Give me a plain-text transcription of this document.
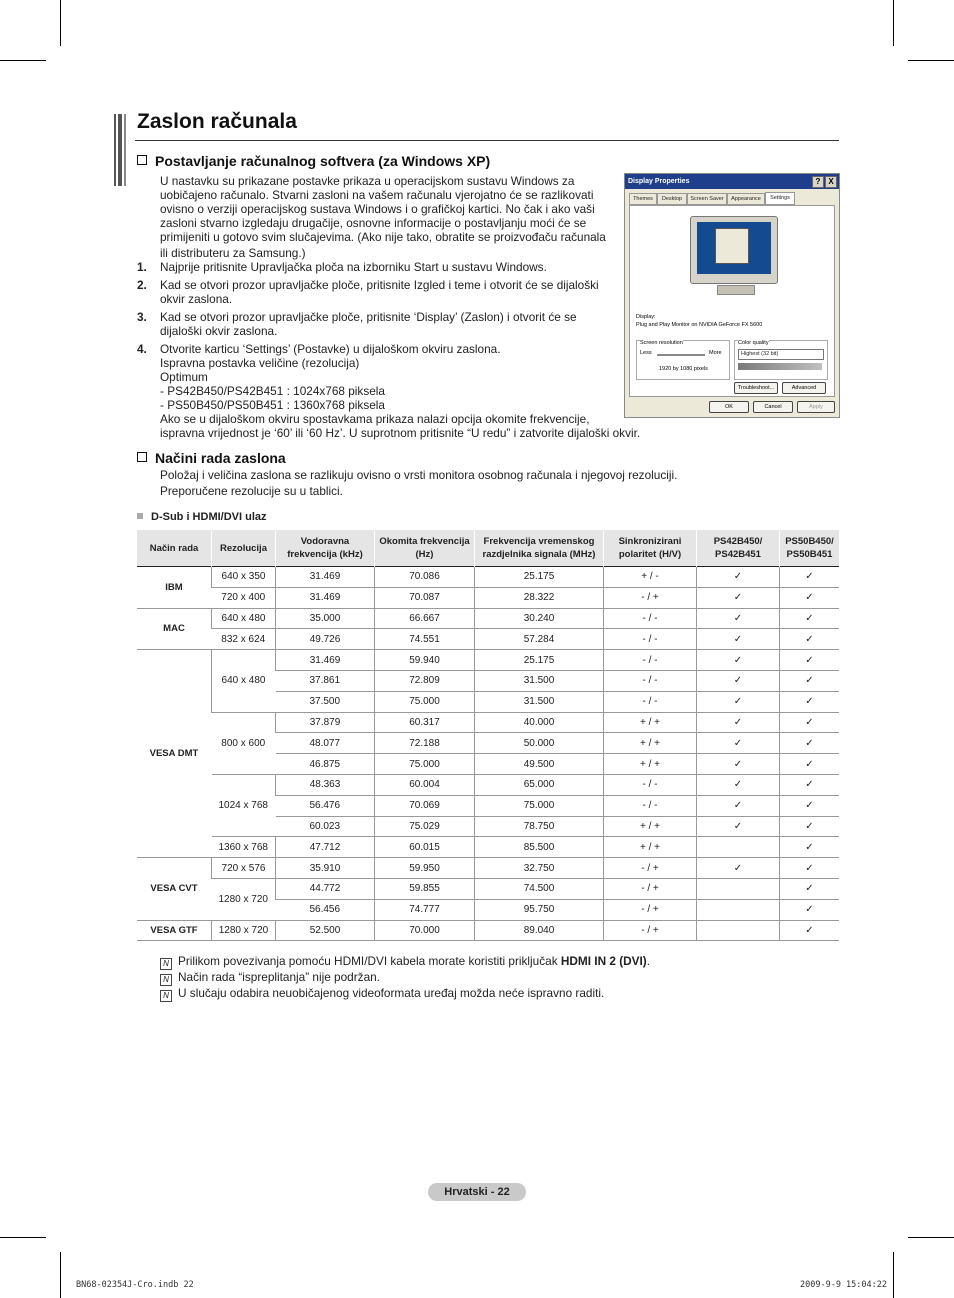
Zaslon računala
Postavljanje računalnog softvera (za Windows XP)
U nastavku su prikazane postavke prikaza u operacijskom sustavu Windows za
uobičajeno računalo. Stvarni zasloni na vašem računalu vjerojatno će se razlikovati
ovisno o verziji operacijskog sustava Windows i o grafičkoj kartici. No čak i ako vaši
zasloni stvarno izgledaju drugačije, osnovne informacije o postavljanju moći će se
primijeniti u gotovo svim slučajevima. (Ako nije tako, obratite se proizvođaču računala
ili distributeru za Samsung.)
1. Najprije pritisnite Upravljačka ploča na izborniku Start u sustavu Windows.
2. Kad se otvori prozor upravljačke ploče, pritisnite Izgled i teme i otvorit će se dijaloški
okvir zaslona.
3. Kad se otvori prozor upravljačke ploče, pritisnite ‘Display’ (Zaslon) i otvorit će se
dijaloški okvir zaslona.
4. Otvorite karticu ‘Settings’ (Postavke) u dijaloškom okviru zaslona.
Ispravna postavka veličine (rezolucija)
Optimum
- PS42B450/PS42B451 : 1024x768 piksela
- PS50B450/PS50B451 : 1360x768 piksela
Ako se u dijaloškom okviru spostavkama prikaza nalazi opcija okomite frekvencije,
ispravna vrijednost je ‘60’ ili ‘60 Hz’. U suprotnom pritisnite “U redu” i zatvorite dijaloški okvir.
Display Properties	? X
Themes	Desktop	Screen Saver	Appearance	Settings
Display:
Plug and Play Monitor on NVIDIA GeForce FX 5600
Screen resolution
Less	More
1920 by 1080 pixels
Color quality
Highest (32 bit)
Troubleshoot...	Advanced
OK	Cancel	Apply
Načini rada zaslona
Položaj i veličina zaslona se razlikuju ovisno o vrsti monitora osobnog računala i njegovoj rezoluciji.
Preporučene rezolucije su u tablici.
D-Sub i HDMI/DVI ulaz
Način rada	Rezolucija	Vodoravna frekvencija (kHz)	Okomita frekvencija (Hz)	Frekvencija vremenskog razdjelnika signala (MHz)	Sinkronizirani polaritet (H/V)	PS42B450/ PS42B451	PS50B450/ PS50B451
IBM	640 x 350	31.469	70.086	25.175	+ / -	✓	✓
	720 x 400	31.469	70.087	28.322	- / +	✓	✓
MAC	640 x 480	35.000	66.667	30.240	- / -	✓	✓
	832 x 624	49.726	74.551	57.284	- / -	✓	✓
VESA DMT	640 x 480	31.469	59.940	25.175	- / -	✓	✓
		37.861	72.809	31.500	- / -	✓	✓
		37.500	75.000	31.500	- / -	✓	✓
	800 x 600	37.879	60.317	40.000	+ / +	✓	✓
		48.077	72.188	50.000	+ / +	✓	✓
		46.875	75.000	49.500	+ / +	✓	✓
	1024 x 768	48.363	60.004	65.000	- / -	✓	✓
		56.476	70.069	75.000	- / -	✓	✓
		60.023	75.029	78.750	+ / +	✓	✓
	1360 x 768	47.712	60.015	85.500	+ / +		✓
VESA CVT	720 x 576	35.910	59.950	32.750	- / +	✓	✓
	1280 x 720	44.772	59.855	74.500	- / +		✓
		56.456	74.777	95.750	- / +		✓
VESA GTF	1280 x 720	52.500	70.000	89.040	- / +		✓
N Prilikom povezivanja pomoću HDMI/DVI kabela morate koristiti priključak HDMI IN 2 (DVI).
N Način rada “ispreplitanja” nije podržan.
N U slučaju odabira neuobičajenog videoformata uređaj možda neće ispravno raditi.
Hrvatski - 22
BN68-02354J-Cro.indb 22	2009-9-9 15:04:22
